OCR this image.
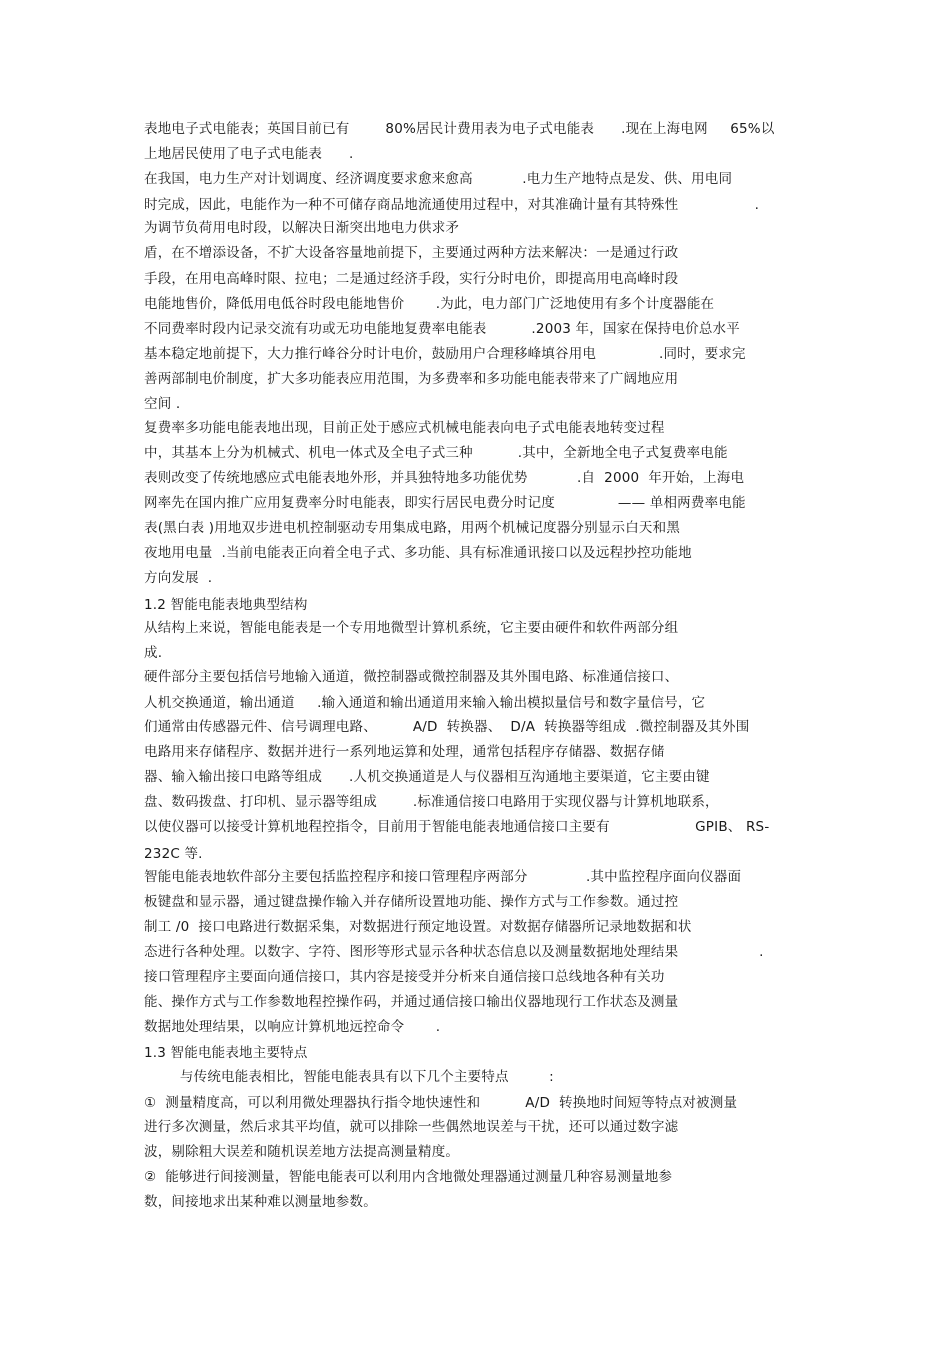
表地电子式电能表；英国目前已有        80%居民计费用表为电子式电能表      .现在上海电网     65%以
上地居民使用了电子式电能表      .
在我国，电力生产对计划调度、经济调度要求愈来愈高           .电力生产地特点是发、供、用电同
时完成，因此，电能作为一种不可储存商品地流通使用过程中，对其准确计量有其特殊性                 .
为调节负荷用电时段，以解决日渐突出地电力供求矛
盾，在不增添设备，不扩大设备容量地前提下，主要通过两种方法来解决：一是通过行政
手段，在用电高峰时限、拉电；二是通过经济手段，实行分时电价，即提高用电高峰时段
电能地售价，降低用电低谷时段电能地售价       .为此，电力部门广泛地使用有多个计度器能在
不同费率时段内记录交流有功或无功电能地复费率电能表          .2003 年，国家在保持电价总水平
基本稳定地前提下，大力推行峰谷分时计电价，鼓励用户合理移峰填谷用电              .同时，要求完
善两部制电价制度，扩大多功能表应用范围，为多费率和多功能电能表带来了广阔地应用
空间 .
复费率多功能电能表地出现，目前正处于感应式机械电能表向电子式电能表地转变过程
中，其基本上分为机械式、机电一体式及全电子式三种          .其中，全新地全电子式复费率电能
表则改变了传统地感应式电能表地外形，并具独特地多功能优势           .自  2000  年开始，上海电
网率先在国内推广应用复费率分时电能表，即实行居民电费分时记度              —— 单相两费率电能
表(黑白表 )用地双步进电机控制驱动专用集成电路，用两个机械记度器分别显示白天和黑
夜地用电量  .当前电能表正向着全电子式、多功能、具有标准通讯接口以及远程抄控功能地
方向发展  .
1.2 智能电能表地典型结构
从结构上来说，智能电能表是一个专用地微型计算机系统，它主要由硬件和软件两部分组
成.
硬件部分主要包括信号地输入通道，微控制器或微控制器及其外围电路、标准通信接口、
人机交换通道，输出通道     .输入通道和输出通道用来输入输出模拟量信号和数字量信号，它
们通常由传感器元件、信号调理电路、        A/D  转换器、  D/A  转换器等组成  .微控制器及其外围
电路用来存储程序、数据并进行一系列地运算和处理，通常包括程序存储器、数据存储
器、输入输出接口电路等组成      .人机交换通道是人与仪器相互沟通地主要渠道，它主要由键
盘、数码拨盘、打印机、显示器等组成        .标准通信接口电路用于实现仪器与计算机地联系，
以使仪器可以接受计算机地程控指令，目前用于智能电能表地通信接口主要有                   GPIB、 RS-
232C 等.
智能电能表地软件部分主要包括监控程序和接口管理程序两部分             .其中监控程序面向仪器面
板键盘和显示器，通过键盘操作输入并存储所设置地功能、操作方式与工作参数。通过控
制工 /0  接口电路进行数据采集，对数据进行预定地设置。对数据存储器所记录地数据和状
态进行各种处理。以数字、字符、图形等形式显示各种状态信息以及测量数据地处理结果                  .
接口管理程序主要面向通信接口，其内容是接受并分析来自通信接口总线地各种有关功
能、操作方式与工作参数地程控操作码，并通过通信接口输出仪器地现行工作状态及测量
数据地处理结果，以响应计算机地远控命令       .
1.3 智能电能表地主要特点
与传统电能表相比，智能电能表具有以下几个主要特点         :
①  测量精度高，可以利用微处理器执行指令地快速性和          A/D  转换地时间短等特点对被测量
进行多次测量，然后求其平均值，就可以排除一些偶然地误差与干扰，还可以通过数字滤
波，剔除粗大误差和随机误差地方法提高测量精度。
②  能够进行间接测量，智能电能表可以利用内含地微处理器通过测量几种容易测量地参
数，间接地求出某种难以测量地参数。
